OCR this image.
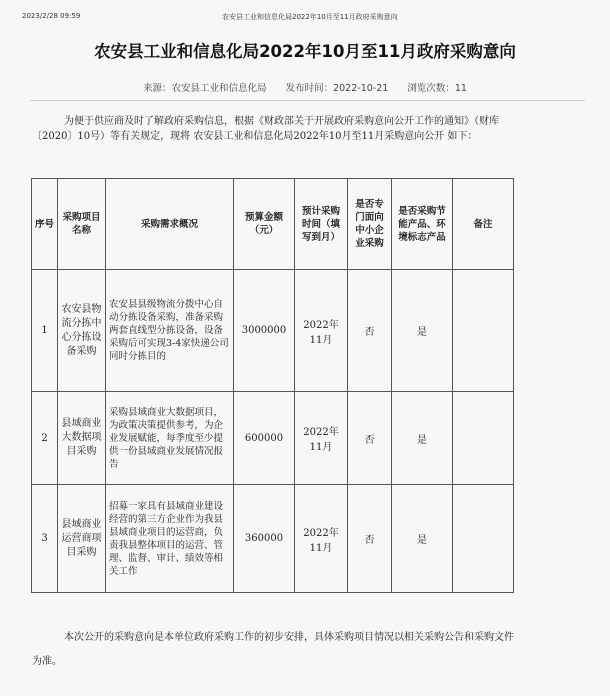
2023/2/28 09:59	农安县工业和信息化局2022年10月至11月政府采购意向
农安县工业和信息化局2022年10月至11月政府采购意向
来源：农安县工业和信息化局 发布时间：2022-10-21 浏览次数：11
为便于供应商及时了解政府采购信息，根据《财政部关于开展政府采购意向公开工作的通知》（财库〔2020〕10号）等有关规定，现将 农安县工业和信息化局2022年10月至11月采购意向公开 如下：
序号	采购项目名称	采购需求概况	预算金额（元）	预计采购时间（填写到月）	是否专门面向中小企业采购	是否采购节能产品、环境标志产品	备注
1	农安县物流分拣中心分拣设备采购	农安县县级物流分拨中心自动分拣设备采购，准备采购两套直线型分拣设备，设备采购后可实现3-4家快递公司同时分拣目的	3000000	2022年11月	否	是	
2	县域商业大数据项目采购	采购县域商业大数据项目，为政策决策提供参考，为企业发展赋能，每季度至少提供一份县域商业发展情况报告	600000	2022年11月	否	是	
3	县域商业运营商项目采购	招募一家具有县域商业建设经营的第三方企业作为我县县域商业项目的运营商，负责我县整体项目的运营、管理、监督、审计、绩效等相关工作	360000	2022年11月	否	是	
本次公开的采购意向是本单位政府采购工作的初步安排，具体采购项目情况以相关采购公告和采购文件为准。
